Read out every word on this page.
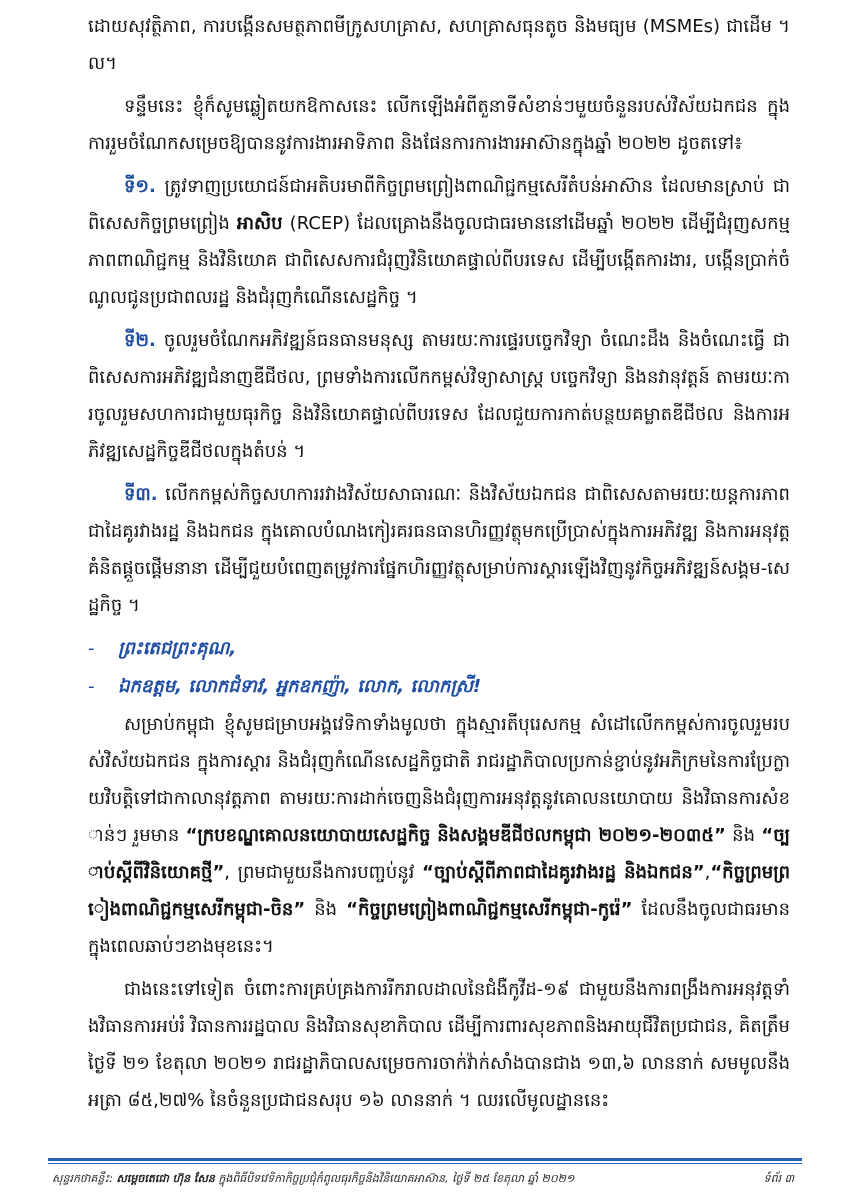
ដោយសុវត្ថិភាព, ការបង្កើនសមត្ថភាពមីក្រូសហគ្រាស, សហគ្រាសធុនតូច និងមធ្យម (MSMEs) ជាដើម ។ល។

ទន្ទឹមនេះ ខ្ញុំក៏សូមឆ្លៀតយកឱកាសនេះ លើកឡើងអំពីតួនាទីសំខាន់ៗមួយចំនួនរបស់វិស័យឯកជន ក្នុងការរួមចំណែកសម្រេចឱ្យបាននូវការងារអាទិភាព និងផែនការការងារអាស៊ានក្នុងឆ្នាំ ២០២២ ដូចតទៅ៖

ទី១. ត្រូវទាញប្រយោជន៍ជាអតិបរមាពីកិច្ចព្រមព្រៀងពាណិជ្ជកម្មសេរីតំបន់អាស៊ាន ដែលមានស្រាប់ ជាពិសេសកិច្ចព្រមព្រៀង អាសិប (RCEP) ដែលគ្រោងនឹងចូលជាធរមាននៅដើមឆ្នាំ ២០២២ ដើម្បីជំរុញសកម្មភាពពាណិជ្ជកម្ម និងវិនិយោគ ជាពិសេសការជំរុញវិនិយោគផ្ទាល់ពីបរទេស ដើម្បីបង្កើតការងារ, បង្កើនប្រាក់ចំណូលជូនប្រជាពលរដ្ឋ និងជំរុញកំណើនសេដ្ឋកិច្ច ។

ទី២. ចូលរួមចំណែកអភិវឌ្ឍន៍ធនធានមនុស្ស តាមរយៈការផ្ទេរបច្ចេកវិទ្យា ចំណេះដឹង និងចំណេះធ្វើ ជាពិសេសការអភិវឌ្ឍជំនាញឌីជីថល, ព្រមទាំងការលើកកម្ពស់វិទ្យាសាស្ត្រ បច្ចេកវិទ្យា និងនវានុវត្តន៍ តាមរយៈការចូលរួមសហការជាមួយធុរកិច្ច និងវិនិយោគផ្ទាល់ពីបរទេស ដែលជួយការកាត់បន្ថយគម្លាតឌីជីថល និងការអភិវឌ្ឍសេដ្ឋកិច្ចឌីជីថលក្នុងតំបន់ ។

ទី៣. លើកកម្ពស់កិច្ចសហការរវាងវិស័យសាធារណៈ និងវិស័យឯកជន ជាពិសេសតាមរយៈយន្តការភាពជាដៃគូរវាងរដ្ឋ និងឯកជន ក្នុងគោលបំណងកៀរគរធនធានហិរញ្ញវត្ថុមកប្រើប្រាស់ក្នុងការអភិវឌ្ឍ និងការអនុវត្តគំនិតផ្តួចផ្តើមនានា ដើម្បីជួយបំពេញតម្រូវការផ្នែកហិរញ្ញវត្ថុសម្រាប់ការស្តារឡើងវិញនូវកិច្ចអភិវឌ្ឍន៍សង្គម-សេដ្ឋកិច្ច ។

- ព្រះតេជព្រះគុណ,

- ឯកឧត្តម, លោកជំទាវ, អ្នកឧកញ៉ា, លោក, លោកស្រី!

សម្រាប់កម្ពុជា ខ្ញុំសូមជម្រាបអង្គវេទិកាទាំងមូលថា ក្នុងស្មារតីបុរេសកម្ម សំដៅលើកកម្ពស់ការចូលរួមរបស់វិស័យឯកជន ក្នុងការស្តារ និងជំរុញកំណើនសេដ្ឋកិច្ចជាតិ រាជរដ្ឋាភិបាលប្រកាន់ខ្ជាប់នូវអភិក្រមនៃការប្រែក្លាយវិបត្តិទៅជាកាលានុវត្តភាព តាមរយៈការដាក់ចេញនិងជំរុញការអនុវត្តនូវគោលនយោបាយ និងវិធានការសំខាន់ៗ រួមមាន “ក្របខណ្ឌគោលនយោបាយសេដ្ឋកិច្ច និងសង្គមឌីជីថលកម្ពុជា ២០២១-២០៣៥” និង “ច្បាប់ស្តីពីវិនិយោគថ្មី”, ព្រមជាមួយនឹងការបញ្ចប់នូវ “ច្បាប់ស្តីពីភាពជាដៃគូរវាងរដ្ឋ និងឯកជន”,“កិច្ចព្រមព្រៀងពាណិជ្ជកម្មសេរីកម្ពុជា-ចិន” និង “កិច្ចព្រមព្រៀងពាណិជ្ជកម្មសេរីកម្ពុជា-កូរ៉េ” ដែលនឹងចូលជាធរមាន ក្នុងពេលឆាប់ៗខាងមុខនេះ។

ជាងនេះទៅទៀត ចំពោះការគ្រប់គ្រងការរីករាលដាលនៃជំងឺកូវីដ-១៩ ជាមួយនឹងការពង្រឹងការអនុវត្តទាំងវិធានការអប់រំ វិធានការរដ្ឋបាល និងវិធានសុខាភិបាល ដើម្បីការពារសុខភាពនិងអាយុជីវិតប្រជាជន, គិតត្រឹមថ្ងៃទី ២១ ខែតុលា ២០២១ រាជរដ្ឋាភិបាលសម្រេចការចាក់វ៉ាក់សាំងបានជាង ១៣,៦ លាននាក់ សមមូលនឹងអត្រា ៨៥,២៧% នៃចំនួនប្រជាជនសរុប ១៦ លាននាក់ ។ ឈរលើមូលដ្ឋាននេះ

សុន្ទរកថាគន្លឹះ: សម្តេចតេជោ ហ៊ុន សែន ក្នុងពិធីបិទវេទិកាកិច្ចប្រជុំកំពូលធុរកិច្ចនិងវិនិយោគអាស៊ាន, ថ្ងៃទី ២៥ ខែតុលា ឆ្នាំ ២០២១	ទំព័រ ៣
